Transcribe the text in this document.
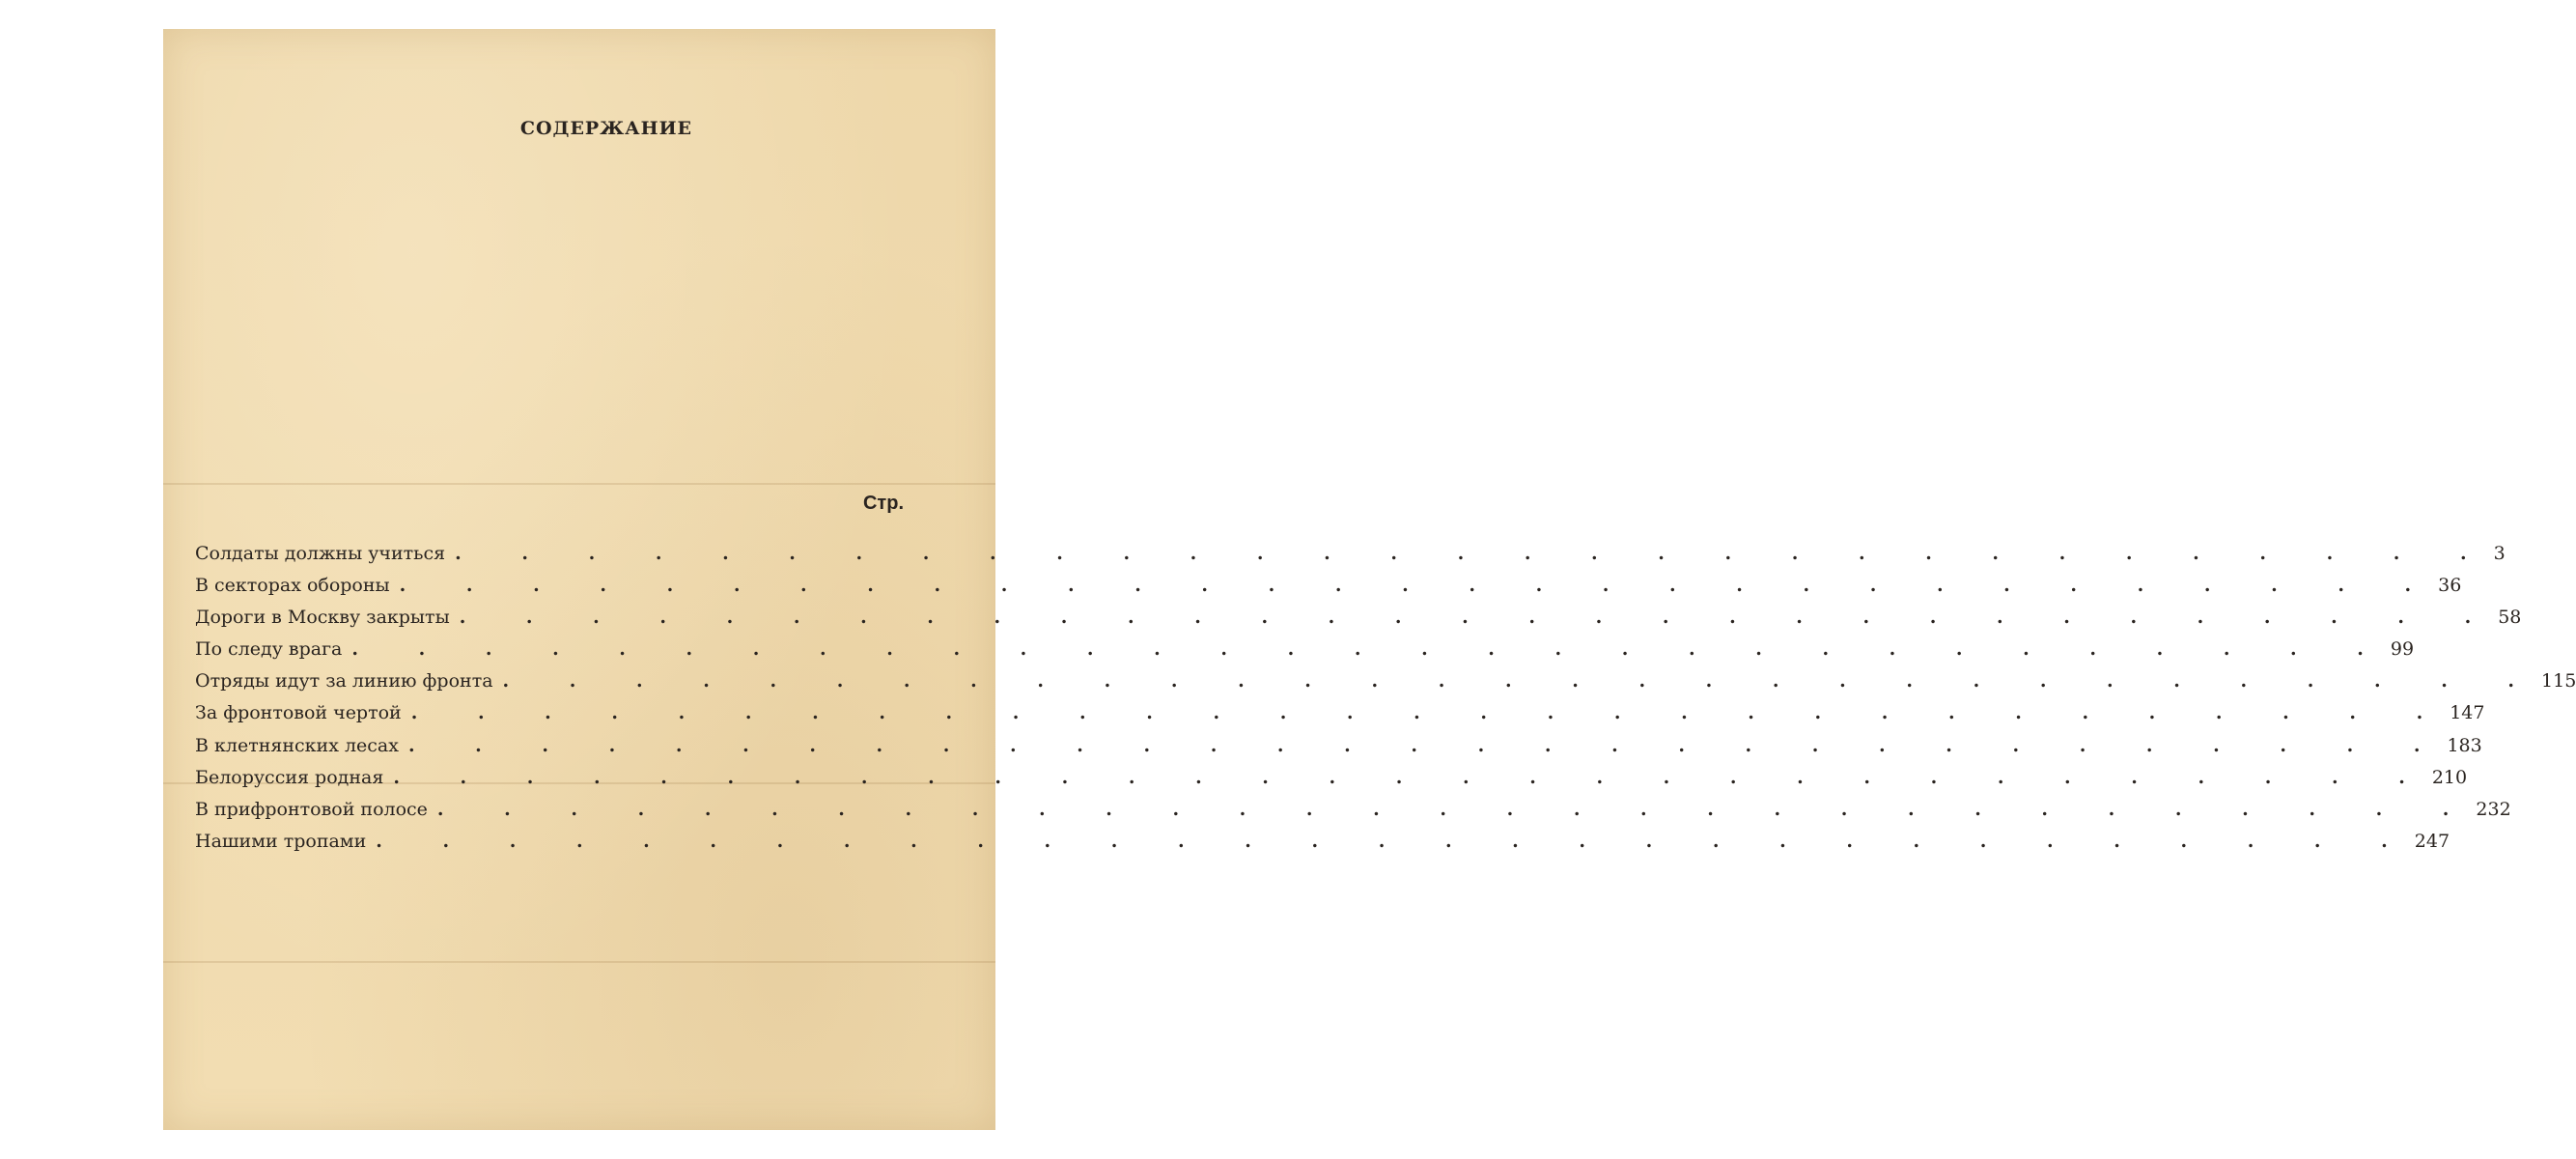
СОДЕРЖАНИЕ
Стр.
Солдаты должны учиться . . . . . . . . . . . . . . . . . . . . . . . . . . . . . . . 3
В секторах обороны . . . . . . . . . . . . . . . . . . . . . . . . . . . . . . . 36
Дороги в Москву закрыты . . . . . . . . . . . . . . . . . . . . . . . . . . . . . . . 58
По следу врага . . . . . . . . . . . . . . . . . . . . . . . . . . . . . . . 99
Отряды идут за линию фронта . . . . . . . . . . . . . . . . . . . . . . . . . . . . . . . 115
За фронтовой чертой . . . . . . . . . . . . . . . . . . . . . . . . . . . . . . . 147
В клетнянских лесах . . . . . . . . . . . . . . . . . . . . . . . . . . . . . . . 183
Белоруссия родная . . . . . . . . . . . . . . . . . . . . . . . . . . . . . . . 210
В прифронтовой полосе . . . . . . . . . . . . . . . . . . . . . . . . . . . . . . . 232
Нашими тропами . . . . . . . . . . . . . . . . . . . . . . . . . . . . . . . 247
